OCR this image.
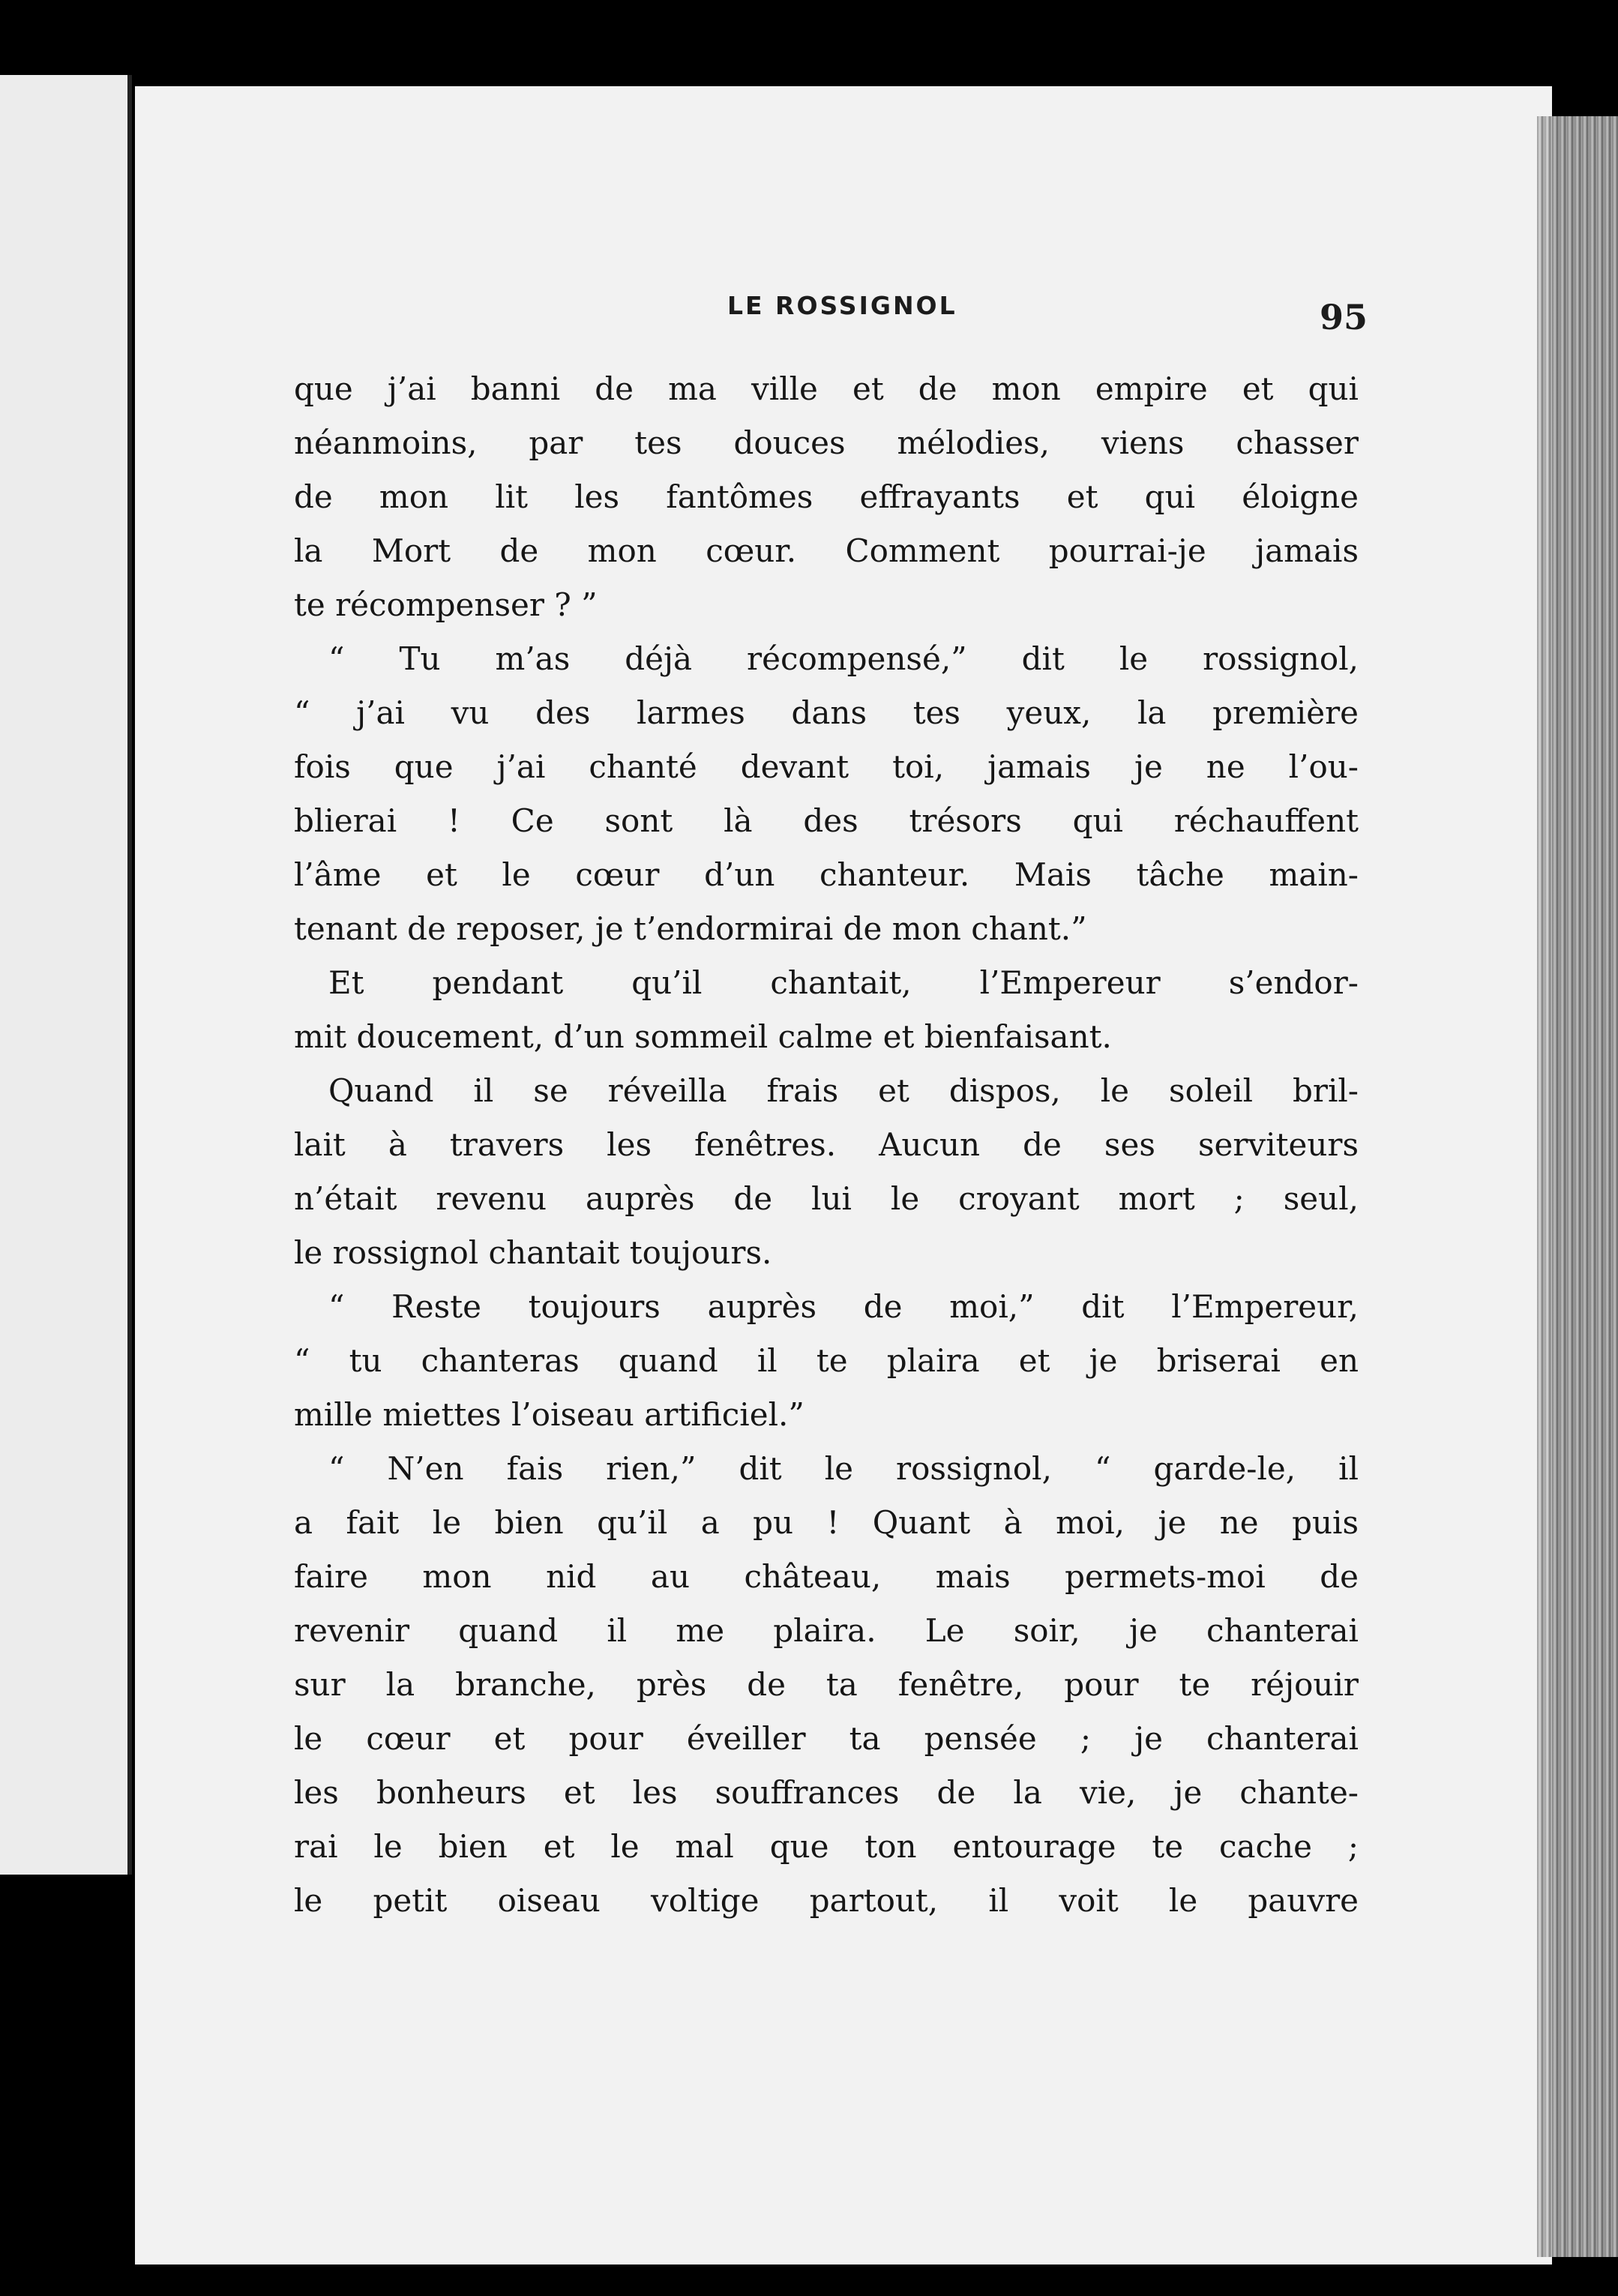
LE ROSSIGNOL	95
que j’ai banni de ma ville et de mon empire et qui
néanmoins, par tes douces mélodies, viens chasser
de mon lit les fantômes effrayants et qui éloigne
la Mort de mon cœur. Comment pourrai-je jamais
te récompenser ? ”
“ Tu m’as déjà récompensé,” dit le rossignol,
“ j’ai vu des larmes dans tes yeux, la première
fois que j’ai chanté devant toi, jamais je ne l’ou-
blierai ! Ce sont là des trésors qui réchauffent
l’âme et le cœur d’un chanteur. Mais tâche main-
tenant de reposer, je t’endormirai de mon chant.”
Et pendant qu’il chantait, l’Empereur s’endor-
mit doucement, d’un sommeil calme et bienfaisant.
Quand il se réveilla frais et dispos, le soleil bril-
lait à travers les fenêtres. Aucun de ses serviteurs
n’était revenu auprès de lui le croyant mort ; seul,
le rossignol chantait toujours.
“ Reste toujours auprès de moi,” dit l’Empereur,
“ tu chanteras quand il te plaira et je briserai en
mille miettes l’oiseau artificiel.”
“ N’en fais rien,” dit le rossignol, “ garde-le, il
a fait le bien qu’il a pu ! Quant à moi, je ne puis
faire mon nid au château, mais permets-moi de
revenir quand il me plaira. Le soir, je chanterai
sur la branche, près de ta fenêtre, pour te réjouir
le cœur et pour éveiller ta pensée ; je chanterai
les bonheurs et les souffrances de la vie, je chante-
rai le bien et le mal que ton entourage te cache ;
le petit oiseau voltige partout, il voit le pauvre
